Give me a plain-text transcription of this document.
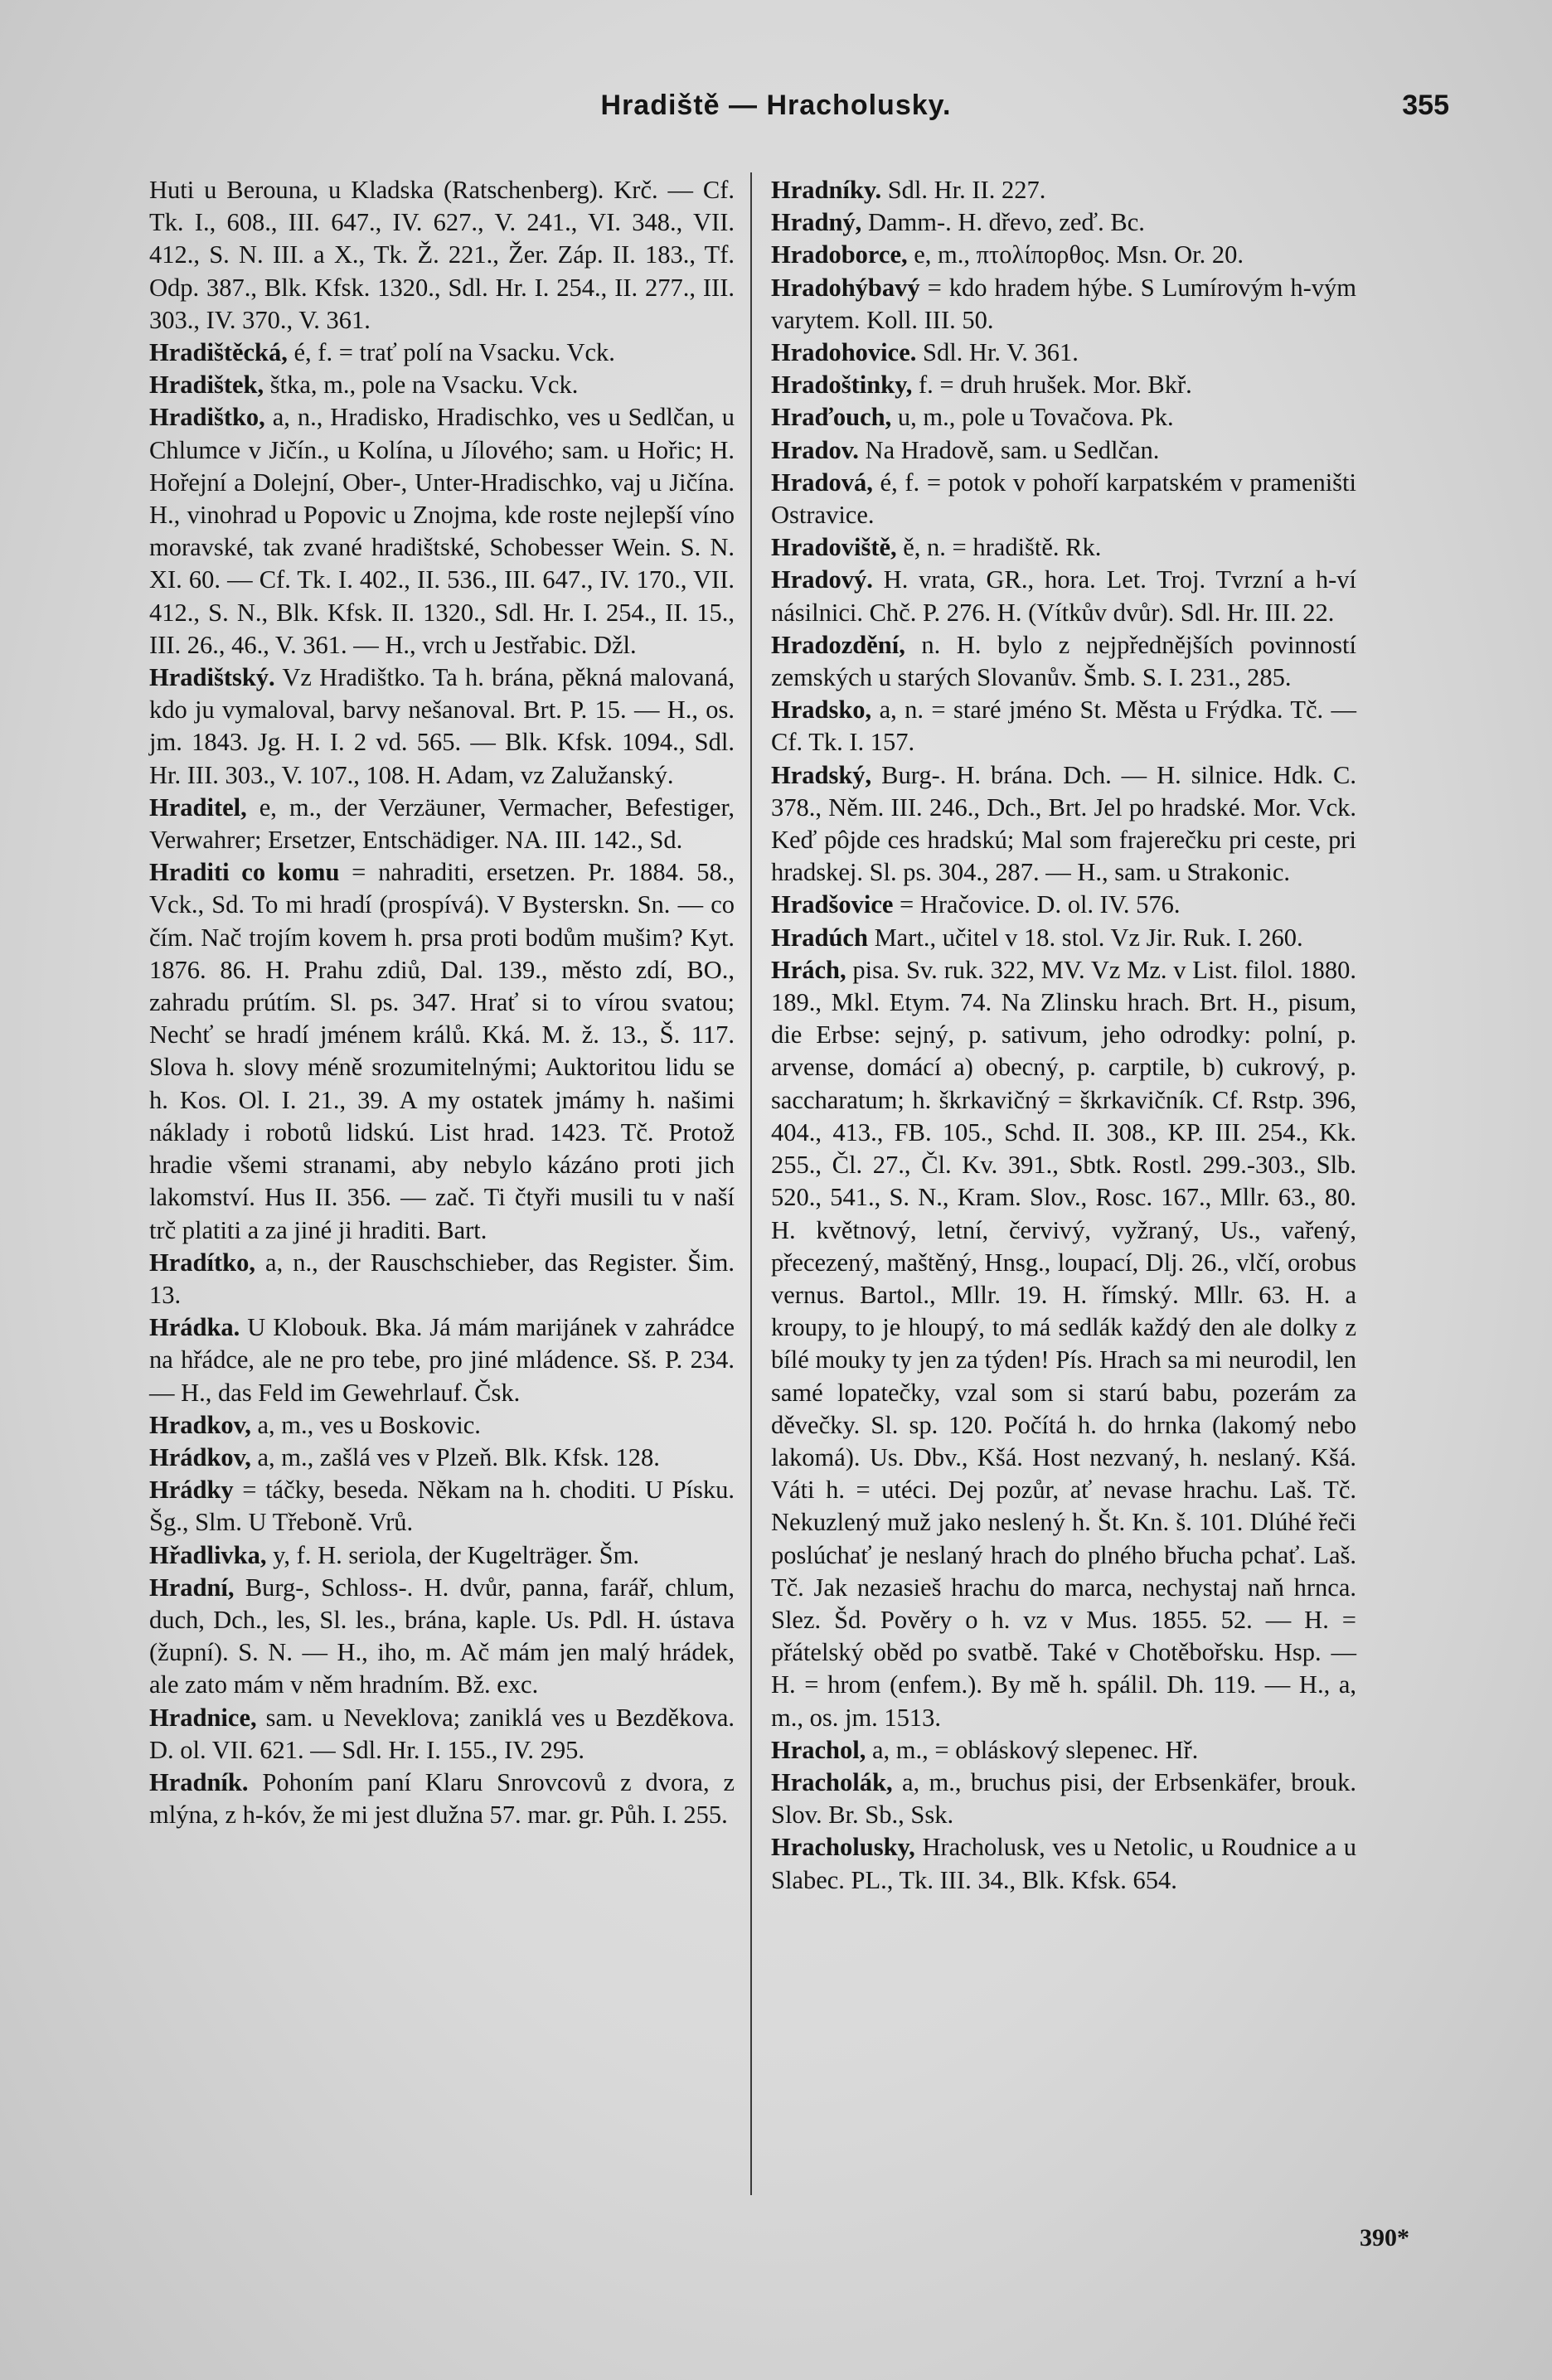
Hradiště — Hracholusky.	355

Huti u Berouna, u Kladska (Ratschenberg). Krč. — Cf. Tk. I., 608., III. 647., IV. 627., V. 241., VI. 348., VII. 412., S. N. III. a X., Tk. Ž. 221., Žer. Záp. II. 183., Tf. Odp. 387., Blk. Kfsk. 1320., Sdl. Hr. I. 254., II. 277., III. 303., IV. 370., V. 361.

Hradištěcká, é, f. = trať polí na Vsacku. Vck.

Hradištek, štka, m., pole na Vsacku. Vck.

Hradištko, a, n., Hradisko, Hradischko, ves u Sedlčan, u Chlumce v Jičín., u Kolína, u Jílového; sam. u Hořic; H. Hořejní a Dolejní, Ober-, Unter-Hradischko, vaj u Jičína. H., vinohrad u Popovic u Znojma, kde roste nejlepší víno moravské, tak zvané hradištské, Schobesser Wein. S. N. XI. 60. — Cf. Tk. I. 402., II. 536., III. 647., IV. 170., VII. 412., S. N., Blk. Kfsk. II. 1320., Sdl. Hr. I. 254., II. 15., III. 26., 46., V. 361. — H., vrch u Jestřabic. Džl.

Hradištský. Vz Hradištko. Ta h. brána, pěkná malovaná, kdo ju vymaloval, barvy nešanoval. Brt. P. 15. — H., os. jm. 1843. Jg. H. I. 2 vd. 565. — Blk. Kfsk. 1094., Sdl. Hr. III. 303., V. 107., 108. H. Adam, vz Zalužanský.

Hraditel, e, m., der Verzäuner, Vermacher, Befestiger, Verwahrer; Ersetzer, Entschädiger. NA. III. 142., Sd.

Hraditi co komu = nahraditi, ersetzen. Pr. 1884. 58., Vck., Sd. To mi hradí (prospívá). V Bysterskn. Sn. — co čím. Nač trojím kovem h. prsa proti bodům mušim? Kyt. 1876. 86. H. Prahu zdiů, Dal. 139., město zdí, BO., zahradu prútím. Sl. ps. 347. Hrať si to vírou svatou; Nechť se hradí jménem králů. Kká. M. ž. 13., Š. 117. Slova h. slovy méně srozumitelnými; Auktoritou lidu se h. Kos. Ol. I. 21., 39. A my ostatek jmámy h. našimi náklady i robotů lidskú. List hrad. 1423. Tč. Protož hradie všemi stranami, aby nebylo kázáno proti jich lakomství. Hus II. 356. — zač. Ti čtyři musili tu v naší trč platiti a za jiné ji hraditi. Bart.

Hradítko, a, n., der Rauschschieber, das Register. Šim. 13.

Hrádka. U Klobouk. Bka. Já mám marijánek v zahrádce na hřádce, ale ne pro tebe, pro jiné mládence. Sš. P. 234. — H., das Feld im Gewehrlauf. Čsk.

Hradkov, a, m., ves u Boskovic.

Hrádkov, a, m., zašlá ves v Plzeň. Blk. Kfsk. 128.

Hrádky = táčky, beseda. Někam na h. choditi. U Písku. Šg., Slm. U Třeboně. Vrů.

Hřadlivka, y, f. H. seriola, der Kugelträger. Šm.

Hradní, Burg-, Schloss-. H. dvůr, panna, farář, chlum, duch, Dch., les, Sl. les., brána, kaple. Us. Pdl. H. ústava (župní). S. N. — H., iho, m. Ač mám jen malý hrádek, ale zato mám v něm hradním. Bž. exc.

Hradnice, sam. u Neveklova; zaniklá ves u Bezděkova. D. ol. VII. 621. — Sdl. Hr. I. 155., IV. 295.

Hradník. Pohoním paní Klaru Snrovcovů z dvora, z mlýna, z h-kóv, že mi jest dlužna 57. mar. gr. Půh. I. 255.

Hradníky. Sdl. Hr. II. 227.

Hradný, Damm-. H. dřevo, zeď. Bc.

Hradoborce, e, m., πτολίπορθος. Msn. Or. 20.

Hradohýbavý = kdo hradem hýbe. S Lumírovým h-vým varytem. Koll. III. 50.

Hradohovice. Sdl. Hr. V. 361.

Hradoštinky, f. = druh hrušek. Mor. Bkř.

Hraďouch, u, m., pole u Tovačova. Pk.

Hradov. Na Hradově, sam. u Sedlčan.

Hradová, é, f. = potok v pohoří karpatském v prameništi Ostravice.

Hradoviště, ě, n. = hradiště. Rk.

Hradový. H. vrata, GR., hora. Let. Troj. Tvrzní a h-ví násilnici. Chč. P. 276. H. (Vítkův dvůr). Sdl. Hr. III. 22.

Hradozdění, n. H. bylo z nejpřednějších povinností zemských u starých Slovanův. Šmb. S. I. 231., 285.

Hradsko, a, n. = staré jméno St. Města u Frýdka. Tč. — Cf. Tk. I. 157.

Hradský, Burg-. H. brána. Dch. — H. silnice. Hdk. C. 378., Něm. III. 246., Dch., Brt. Jel po hradské. Mor. Vck. Keď pôjde ces hradskú; Mal som frajerečku pri ceste, pri hradskej. Sl. ps. 304., 287. — H., sam. u Strakonic.

Hradšovice = Hračovice. D. ol. IV. 576.

Hradúch Mart., učitel v 18. stol. Vz Jir. Ruk. I. 260.

Hrách, pisa. Sv. ruk. 322, MV. Vz Mz. v List. filol. 1880. 189., Mkl. Etym. 74. Na Zlinsku hrach. Brt. H., pisum, die Erbse: sejný, p. sativum, jeho odrodky: polní, p. arvense, domácí a) obecný, p. carptile, b) cukrový, p. saccharatum; h. škrkavičný = škrkavičník. Cf. Rstp. 396, 404., 413., FB. 105., Schd. II. 308., KP. III. 254., Kk. 255., Čl. 27., Čl. Kv. 391., Sbtk. Rostl. 299.-303., Slb. 520., 541., S. N., Kram. Slov., Rosc. 167., Mllr. 63., 80. H. květnový, letní, červivý, vyžraný, Us., vařený, přecezený, maštěný, Hnsg., loupací, Dlj. 26., vlčí, orobus vernus. Bartol., Mllr. 19. H. římský. Mllr. 63. H. a kroupy, to je hloupý, to má sedlák každý den ale dolky z bílé mouky ty jen za týden! Pís. Hrach sa mi neurodil, len samé lopatečky, vzal som si starú babu, pozerám za děvečky. Sl. sp. 120. Počítá h. do hrnka (lakomý nebo lakomá). Us. Dbv., Kšá. Host nezvaný, h. neslaný. Kšá. Váti h. = utéci. Dej pozůr, ať nevase hrachu. Laš. Tč. Nekuzlený muž jako neslený h. Št. Kn. š. 101. Dlúhé řeči poslúchať je neslaný hrach do plného břucha pchať. Laš. Tč. Jak nezasieš hrachu do marca, nechystaj naň hrnca. Slez. Šd. Pověry o h. vz v Mus. 1855. 52. — H. = přátelský oběd po svatbě. Také v Chotěbořsku. Hsp. — H. = hrom (enfem.). By mě h. spálil. Dh. 119. — H., a, m., os. jm. 1513.

Hrachol, a, m., = obláskový slepenec. Hř.

Hracholák, a, m., bruchus pisi, der Erbsenkäfer, brouk. Slov. Br. Sb., Ssk.

Hracholusky, Hracholusk, ves u Netolic, u Roudnice a u Slabec. PL., Tk. III. 34., Blk. Kfsk. 654.

390*
